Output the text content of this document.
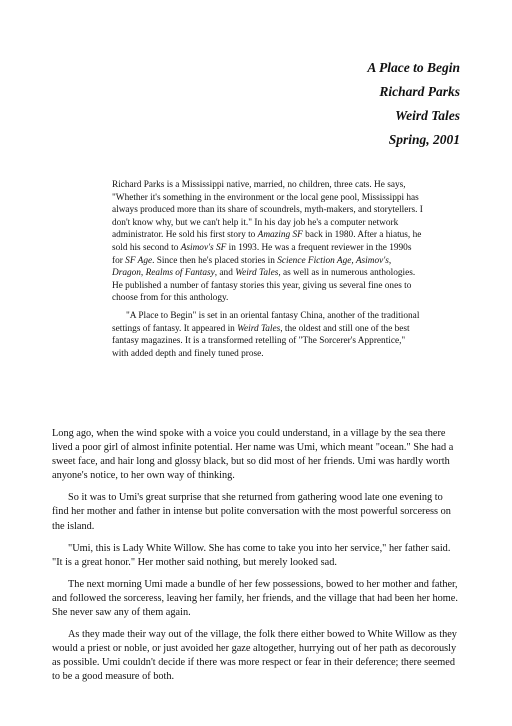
A Place to Begin
Richard Parks
Weird Tales
Spring, 2001

Richard Parks is a Mississippi native, married, no children, three cats. He says, "Whether it's something in the environment or the local gene pool, Mississippi has always produced more than its share of scoundrels, myth-makers, and storytellers. I don't know why, but we can't help it." In his day job he's a computer network administrator. He sold his first story to Amazing SF back in 1980. After a hiatus, he sold his second to Asimov's SF in 1993. He was a frequent reviewer in the 1990s for SF Age. Since then he's placed stories in Science Fiction Age, Asimov's, Dragon, Realms of Fantasy, and Weird Tales, as well as in numerous anthologies. He published a number of fantasy stories this year, giving us several fine ones to choose from for this anthology.

"A Place to Begin" is set in an oriental fantasy China, another of the traditional settings of fantasy. It appeared in Weird Tales, the oldest and still one of the best fantasy magazines. It is a transformed retelling of "The Sorcerer's Apprentice," with added depth and finely tuned prose.

Long ago, when the wind spoke with a voice you could understand, in a village by the sea there lived a poor girl of almost infinite potential. Her name was Umi, which meant "ocean." She had a sweet face, and hair long and glossy black, but so did most of her friends. Umi was hardly worth anyone's notice, to her own way of thinking.

So it was to Umi's great surprise that she returned from gathering wood late one evening to find her mother and father in intense but polite conversation with the most powerful sorceress on the island.

"Umi, this is Lady White Willow. She has come to take you into her service," her father said. "It is a great honor." Her mother said nothing, but merely looked sad.

The next morning Umi made a bundle of her few possessions, bowed to her mother and father, and followed the sorceress, leaving her family, her friends, and the village that had been her home. She never saw any of them again.

As they made their way out of the village, the folk there either bowed to White Willow as they would a priest or noble, or just avoided her gaze altogether, hurrying out of her path as decorously as possible. Umi couldn't decide if there was more respect or fear in their deference; there seemed to be a good measure of both.
